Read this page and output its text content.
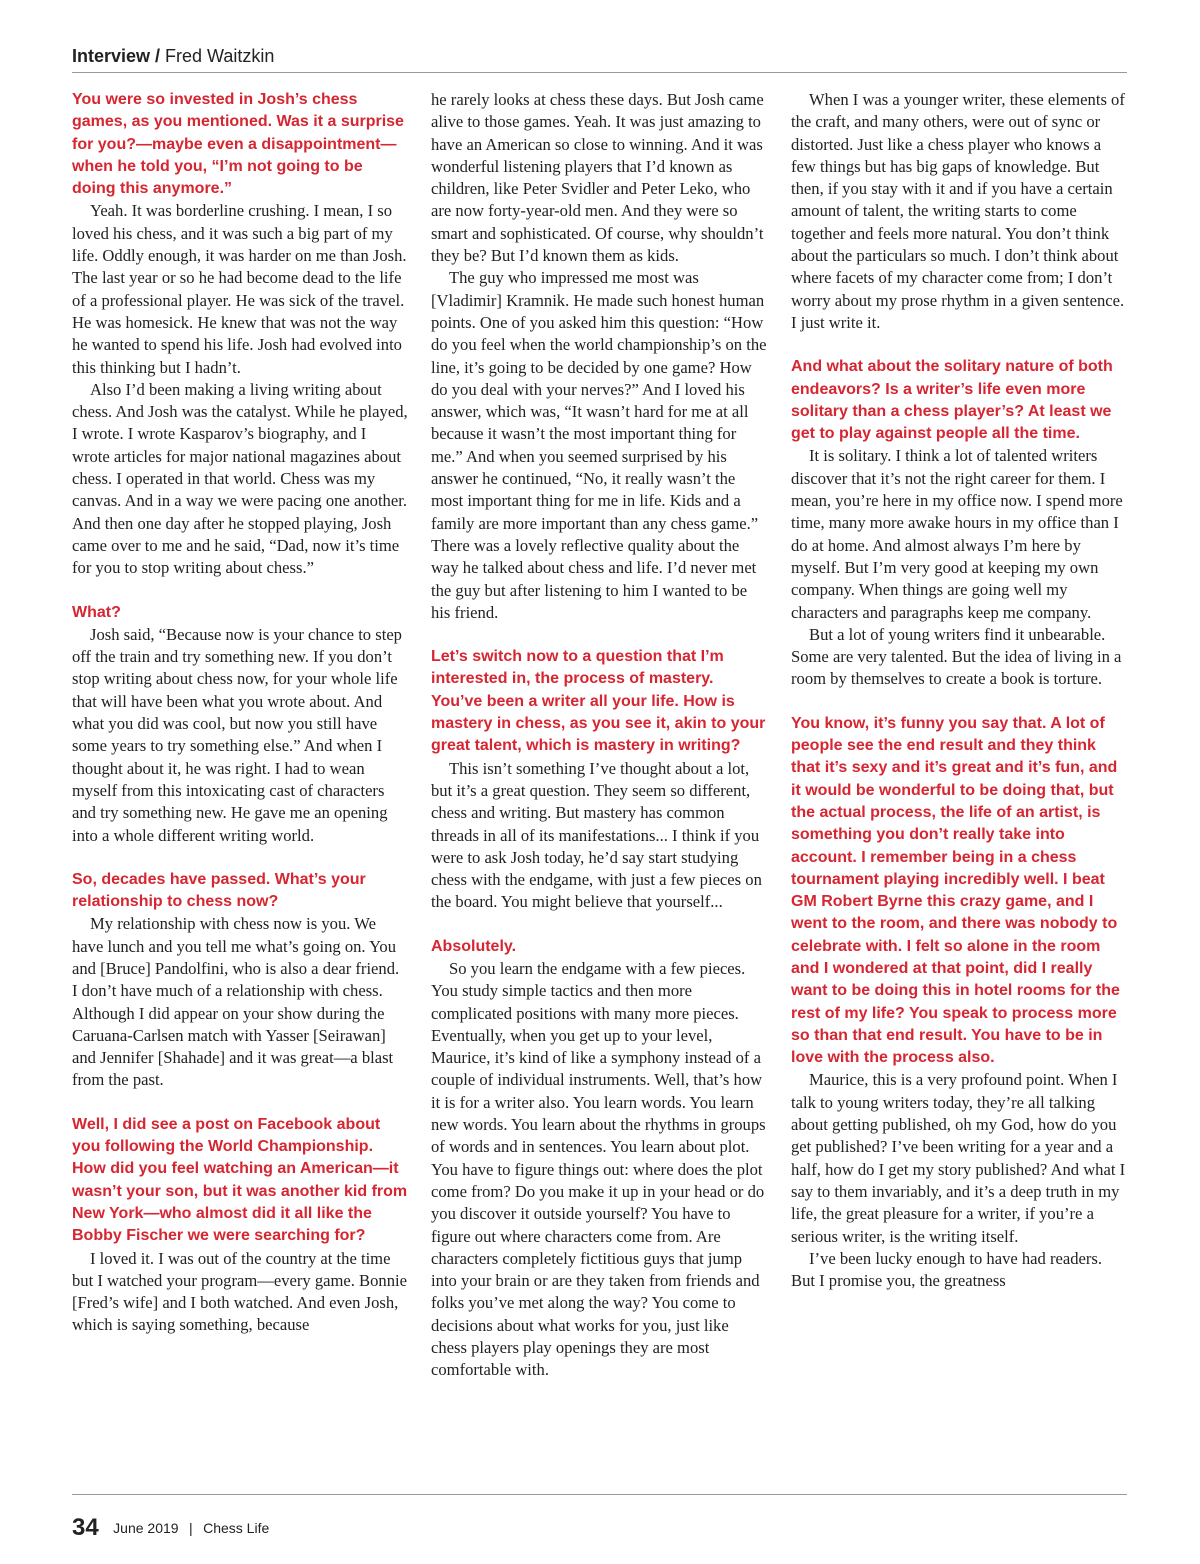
Interview / Fred Waitzkin
You were so invested in Josh’s chess games, as you mentioned. Was it a surprise for you?—maybe even a disappointment—when he told you, “I’m not going to be doing this anymore.”

Yeah. It was borderline crushing. I mean, I so loved his chess, and it was such a big part of my life. Oddly enough, it was harder on me than Josh. The last year or so he had become dead to the life of a professional player. He was sick of the travel. He was homesick. He knew that was not the way he wanted to spend his life. Josh had evolved into this thinking but I hadn’t.

Also I’d been making a living writing about chess. And Josh was the catalyst. While he played, I wrote. I wrote Kasparov’s biography, and I wrote articles for major national magazines about chess. I operated in that world. Chess was my canvas. And in a way we were pacing one another. And then one day after he stopped playing, Josh came over to me and he said, “Dad, now it’s time for you to stop writing about chess.”

What?

Josh said, “Because now is your chance to step off the train and try something new. If you don’t stop writing about chess now, for your whole life that will have been what you wrote about. And what you did was cool, but now you still have some years to try something else.” And when I thought about it, he was right. I had to wean myself from this intoxicating cast of characters and try something new. He gave me an opening into a whole different writing world.

So, decades have passed. What’s your relationship to chess now?

My relationship with chess now is you. We have lunch and you tell me what’s going on. You and [Bruce] Pandolfini, who is also a dear friend. I don’t have much of a relationship with chess. Although I did appear on your show during the Caruana-Carlsen match with Yasser [Seirawan] and Jennifer [Shahade] and it was great—a blast from the past.

Well, I did see a post on Facebook about you following the World Championship. How did you feel watching an American—it wasn’t your son, but it was another kid from New York—who almost did it all like the Bobby Fischer we were searching for?

I loved it. I was out of the country at the time but I watched your program—every game. Bonnie [Fred’s wife] and I both watched. And even Josh, which is saying something, because

he rarely looks at chess these days. But Josh came alive to those games. Yeah. It was just amazing to have an American so close to winning. And it was wonderful listening players that I’d known as children, like Peter Svidler and Peter Leko, who are now forty-year-old men. And they were so smart and sophisticated. Of course, why shouldn’t they be? But I’d known them as kids.

The guy who impressed me most was [Vladimir] Kramnik. He made such honest human points. One of you asked him this question: “How do you feel when the world championship’s on the line, it’s going to be decided by one game? How do you deal with your nerves?” And I loved his answer, which was, “It wasn’t hard for me at all because it wasn’t the most important thing for me.” And when you seemed surprised by his answer he continued, “No, it really wasn’t the most important thing for me in life. Kids and a family are more important than any chess game.” There was a lovely reflective quality about the way he talked about chess and life. I’d never met the guy but after listening to him I wanted to be his friend.

Let’s switch now to a question that I’m interested in, the process of mastery. You’ve been a writer all your life. How is mastery in chess, as you see it, akin to your great talent, which is mastery in writing?

This isn’t something I’ve thought about a lot, but it’s a great question. They seem so different, chess and writing. But mastery has common threads in all of its manifestations... I think if you were to ask Josh today, he’d say start studying chess with the endgame, with just a few pieces on the board. You might believe that yourself...

Absolutely.

So you learn the endgame with a few pieces. You study simple tactics and then more complicated positions with many more pieces. Eventually, when you get up to your level, Maurice, it’s kind of like a symphony instead of a couple of individual instruments. Well, that’s how it is for a writer also. You learn words. You learn new words. You learn about the rhythms in groups of words and in sentences. You learn about plot. You have to figure things out: where does the plot come from? Do you make it up in your head or do you discover it outside yourself? You have to figure out where characters come from. Are characters completely fictitious guys that jump into your brain or are they taken from friends and folks you’ve met along the way? You come to decisions about what works for you, just like chess players play openings they are most comfortable with.

When I was a younger writer, these elements of the craft, and many others, were out of sync or distorted. Just like a chess player who knows a few things but has big gaps of knowledge. But then, if you stay with it and if you have a certain amount of talent, the writing starts to come together and feels more natural. You don’t think about the particulars so much. I don’t think about where facets of my character come from; I don’t worry about my prose rhythm in a given sentence. I just write it.

And what about the solitary nature of both endeavors? Is a writer’s life even more solitary than a chess player’s? At least we get to play against people all the time.

It is solitary. I think a lot of talented writers discover that it’s not the right career for them. I mean, you’re here in my office now. I spend more time, many more awake hours in my office than I do at home. And almost always I’m here by myself. But I’m very good at keeping my own company. When things are going well my characters and paragraphs keep me company.

But a lot of young writers find it unbearable. Some are very talented. But the idea of living in a room by themselves to create a book is torture.

You know, it’s funny you say that. A lot of people see the end result and they think that it’s sexy and it’s great and it’s fun, and it would be wonderful to be doing that, but the actual process, the life of an artist, is something you don’t really take into account. I remember being in a chess tournament playing incredibly well. I beat GM Robert Byrne this crazy game, and I went to the room, and there was nobody to celebrate with. I felt so alone in the room and I wondered at that point, did I really want to be doing this in hotel rooms for the rest of my life? You speak to process more so than that end result. You have to be in love with the process also.

Maurice, this is a very profound point. When I talk to young writers today, they’re all talking about getting published, oh my God, how do you get published? I’ve been writing for a year and a half, how do I get my story published? And what I say to them invariably, and it’s a deep truth in my life, the great pleasure for a writer, if you’re a serious writer, is the writing itself.

I’ve been lucky enough to have had readers. But I promise you, the greatness

34 June 2019 | Chess Life
